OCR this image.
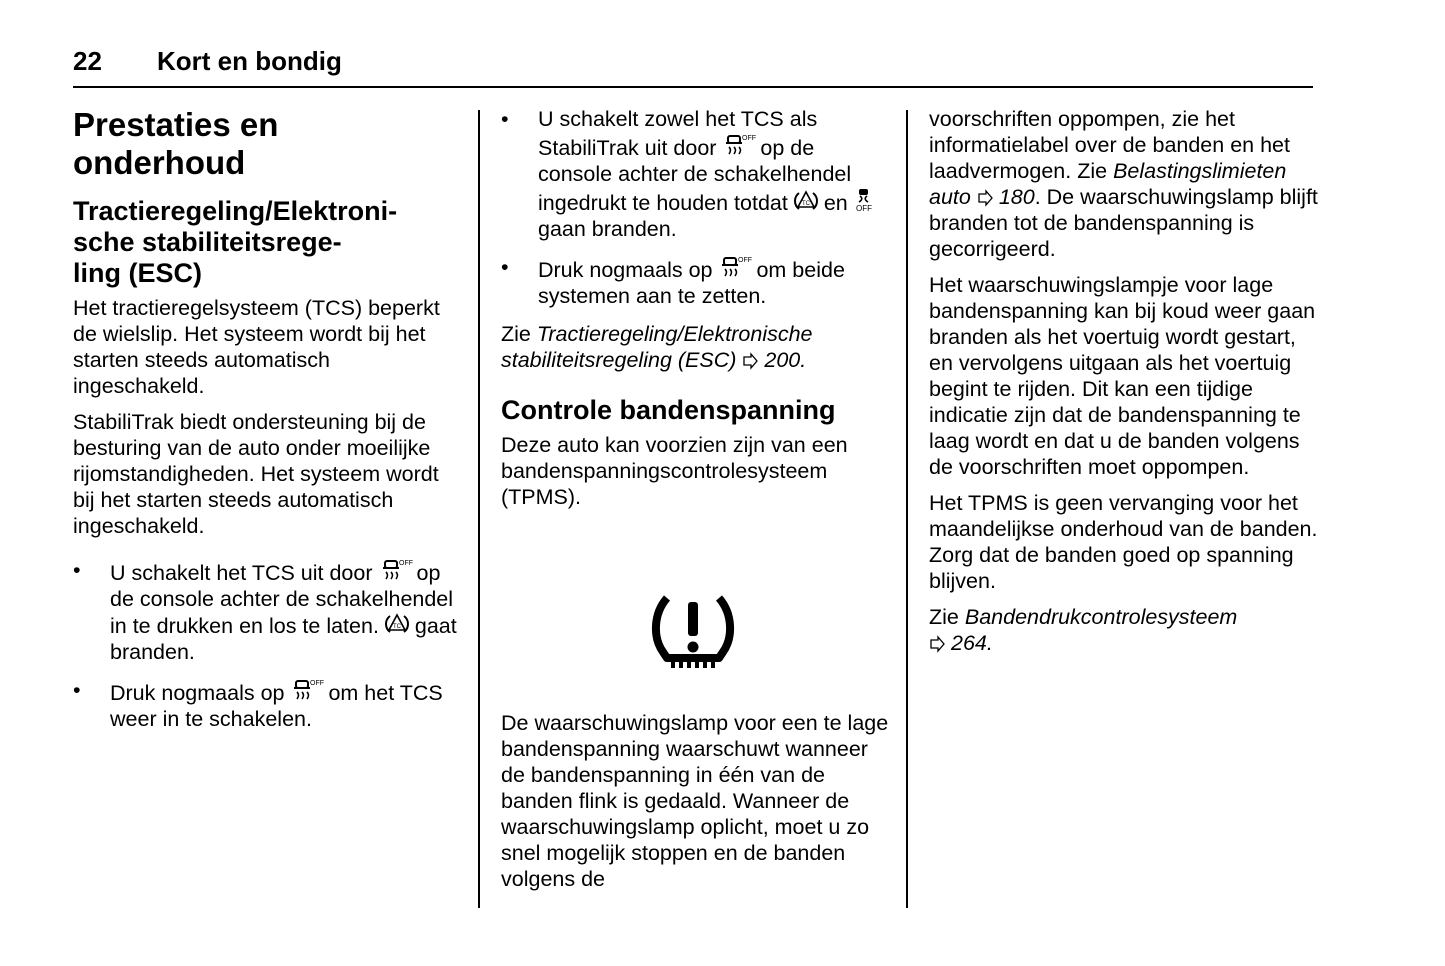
22 Kort en bondig
Prestaties en onderhoud
Tractieregeling/Elektroni-
sche stabiliteitsrege-
ling (ESC)

Het tractieregelsysteem (TCS) beperkt de wielslip. Het systeem wordt bij het starten steeds automatisch ingeschakeld.

StabiliTrak biedt ondersteuning bij de besturing van de auto onder moeilijke rijomstandigheden. Het systeem wordt bij het starten steeds automatisch ingeschakeld.

• U schakelt het TCS uit door	OFF op de console achter de schakelhendel in te drukken en los te laten. TC gaat branden.
• Druk nogmaals op	OFF om het TCS weer in te schakelen.
• U schakelt zowel het TCS als StabiliTrak uit door	OFF op de console achter de schakelhendel ingedrukt te houden totdat TC en OFF
gaan branden.
• Druk nogmaals op	OFF om beide systemen aan te zetten.

Zie Tractieregeling/Elektronische stabiliteitsregeling (ESC) 200.

Controle bandenspanning

Deze auto kan voorzien zijn van een bandenspanningscontrolesysteem (TPMS).

De waarschuwingslamp voor een te lage bandenspanning waarschuwt wanneer de bandenspanning in één van de banden flink is gedaald. Wanneer de waarschuwingslamp oplicht, moet u zo snel mogelijk stoppen en de banden volgens de

voorschriften oppompen, zie het informatielabel over de banden en het laadvermogen. Zie Belastingslimieten auto 180. De waarschuwingslamp blijft branden tot de bandenspanning is gecorrigeerd.

Het waarschuwingslampje voor lage bandenspanning kan bij koud weer gaan branden als het voertuig wordt gestart, en vervolgens uitgaan als het voertuig begint te rijden. Dit kan een tijdige indicatie zijn dat de bandenspanning te laag wordt en dat u de banden volgens de voorschriften moet oppompen.

Het TPMS is geen vervanging voor het maandelijkse onderhoud van de banden. Zorg dat de banden goed op spanning blijven.

Zie Bandendrukcontrolesysteem
264.
